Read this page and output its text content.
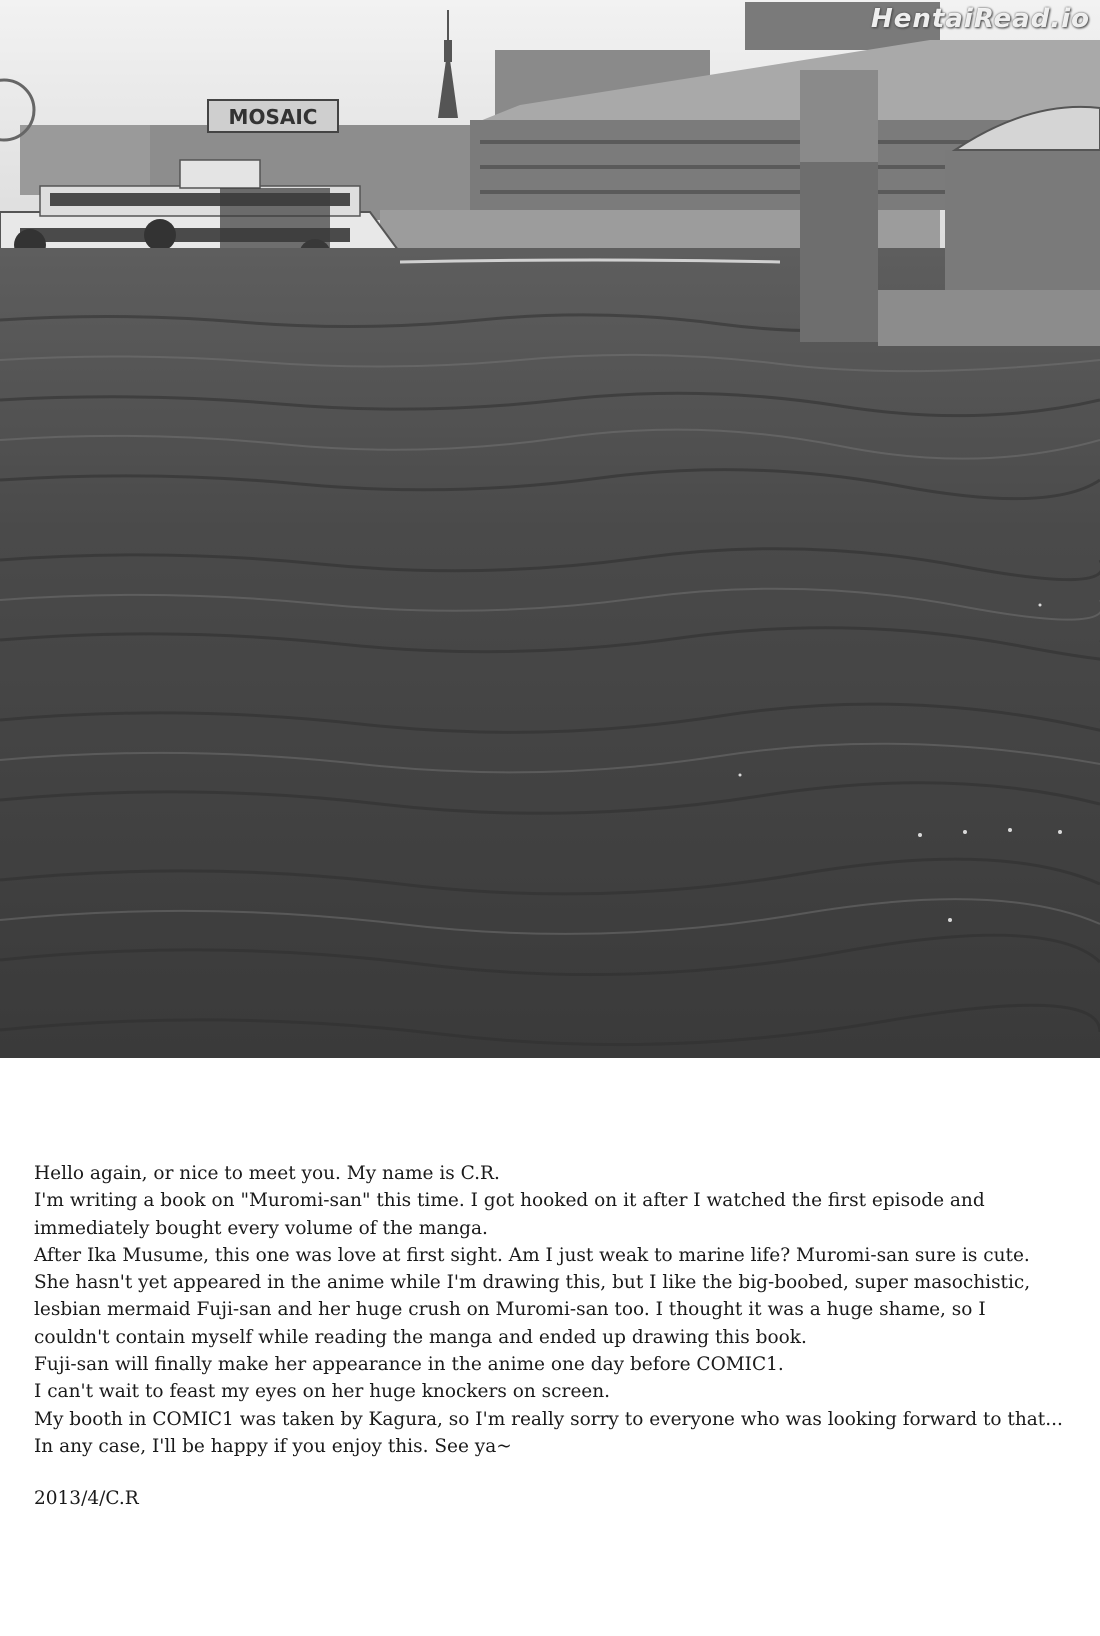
MOSAIC
HentaiRead.io

Hello again, or nice to meet you. My name is C.R.

I'm writing a book on "Muromi-san" this time. I got hooked on it after I watched the first episode and

immediately bought every volume of the manga.

After Ika Musume, this one was love at first sight. Am I just weak to marine life? Muromi-san sure is cute.

She hasn't yet appeared in the anime while I'm drawing this, but I like the big-boobed, super masochistic,

lesbian mermaid Fuji-san and her huge crush on Muromi-san too. I thought it was a huge shame, so I

couldn't contain myself while reading the manga and ended up drawing this book.

Fuji-san will finally make her appearance in the anime one day before COMIC1.

I can't wait to feast my eyes on her huge knockers on screen.

My booth in COMIC1 was taken by Kagura, so I'm really sorry to everyone who was looking forward to that...

In any case, I'll be happy if you enjoy this. See ya~

2013/4/C.R
